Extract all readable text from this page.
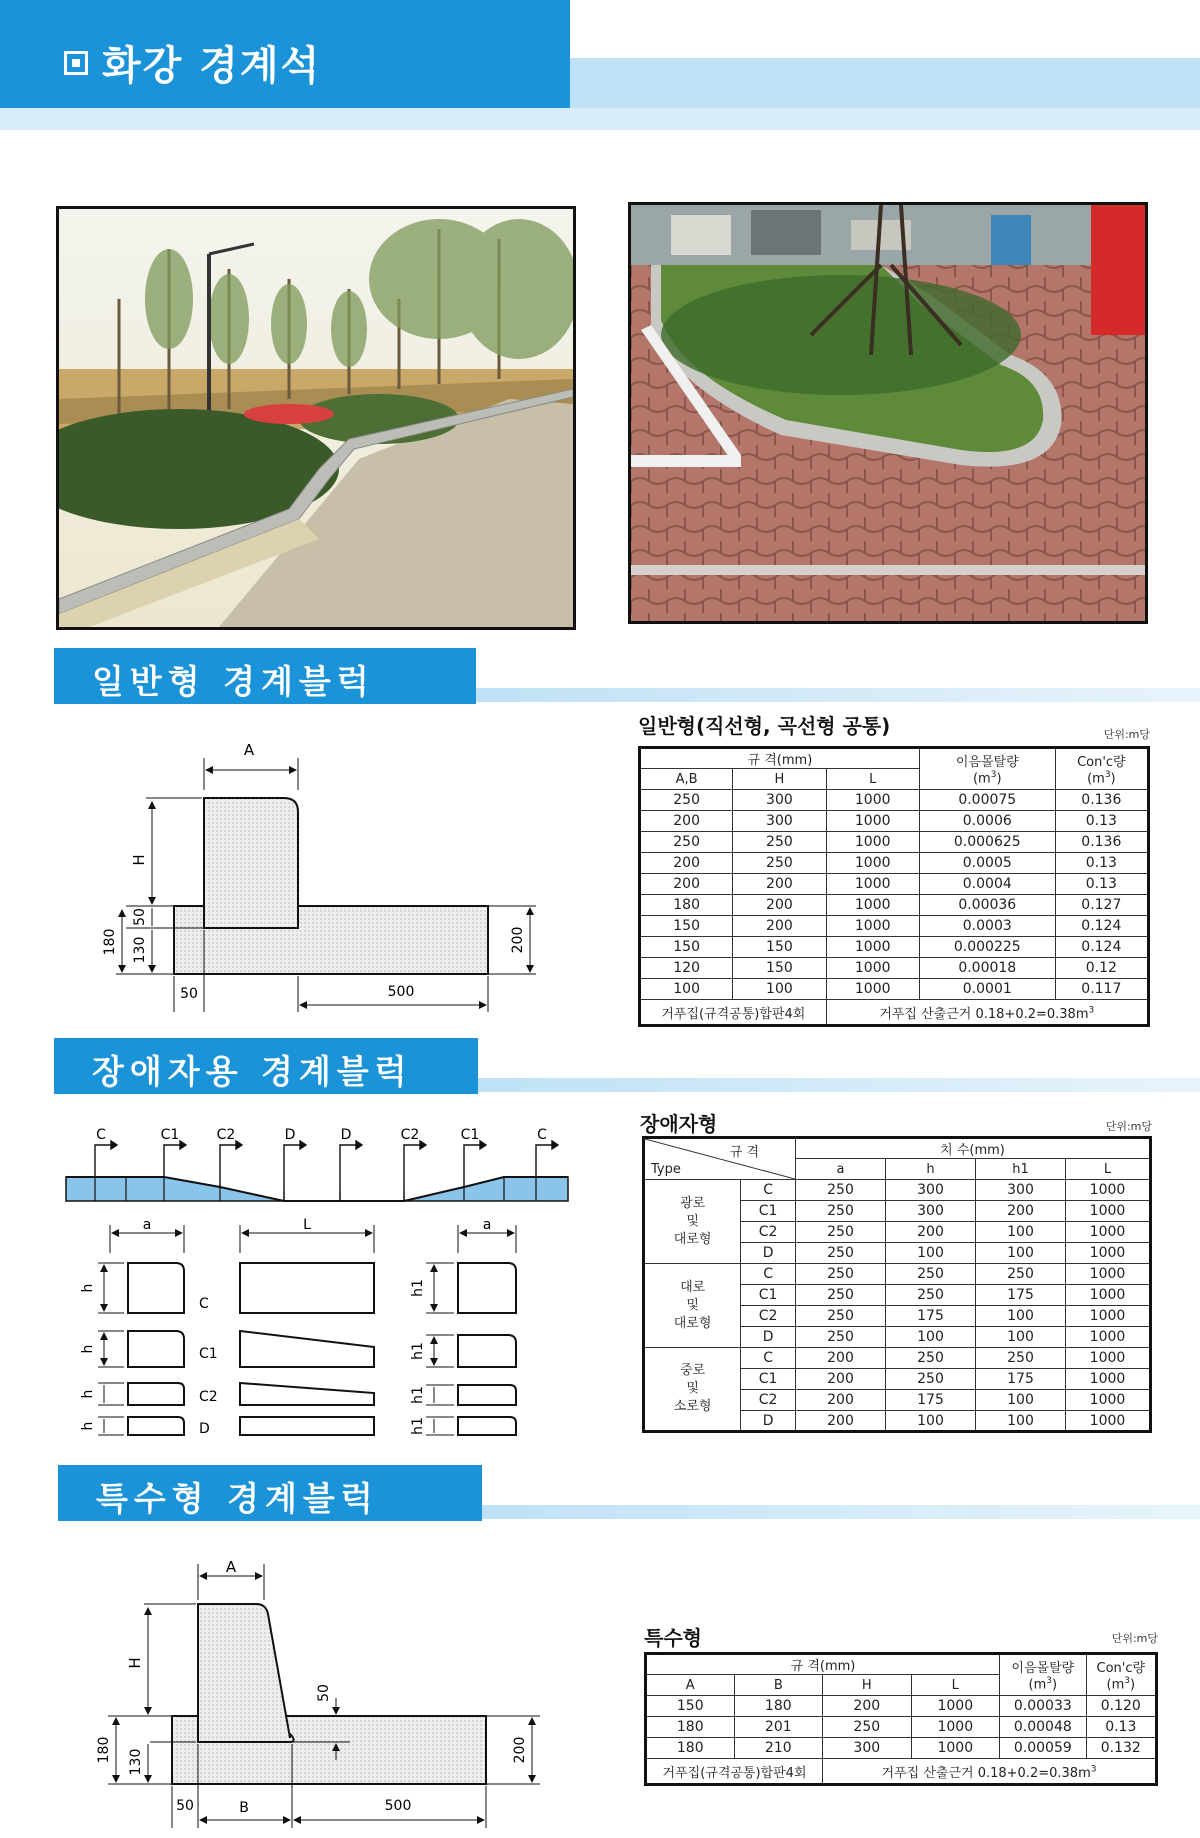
화강 경계석
일반형 경계블럭
A
H
50
130
180	200
50	500
일반형(직선형, 곡선형 공통)	단위:m당
규 격(mm)			이음몰탈량
$(m^3)$	Con'c량
$(m^3)$
A,B	H	L		
250	300	1000	0.00075	0.136
200	300	1000	0.0006	0.13
250	250	1000	0.000625	0.136
200	250	1000	0.0005	0.13
200	200	1000	0.0004	0.13
180	200	1000	0.00036	0.127
150	200	1000	0.0003	0.124
150	150	1000	0.000225	0.124
120	150	1000	0.00018	0.12
100	100	1000	0.0001	0.117
거푸집(규격공통)합판4회		거푸집 산출근거 $0.18+0.2=0.38m^3$
장애자용 경계블럭
C	C1	C2	D	D	C2	C1	C
a	L	a
C
C1
C2
D
h
h
h
h
h1
h1
h1
h1
장애자형	단위:m당
규 격
Type		치 수(mm)			
		a	h	h1	L
광로 및 대로형	C	250	300	300	1000
	C1	250	300	200	1000
	C2	250	200	100	1000
	D	250	100	100	1000
대로 및 대로형	C	250	250	250	1000
	C1	250	250	175	1000
	C2	250	175	100	1000
	D	250	100	100	1000
중로 및 소로형	C	200	250	250	1000
	C1	200	250	175	1000
	C2	200	175	100	1000
	D	200	100	100	1000
특수형 경계블럭
A
H
50
130
180	200
50	B	500
특수형	단위:m당
규 격(mm)				이음몰탈량
$(m^3)$	Con'c량
$(m^3)$
A	B	H	L		
150	180	200	1000	0.00033	0.120
180	201	250	1000	0.00048	0.13
180	210	300	1000	0.00059	0.132
거푸집(규격공통)합판4회		거푸집 산출근거 $0.18+0.2=0.38m^3$
